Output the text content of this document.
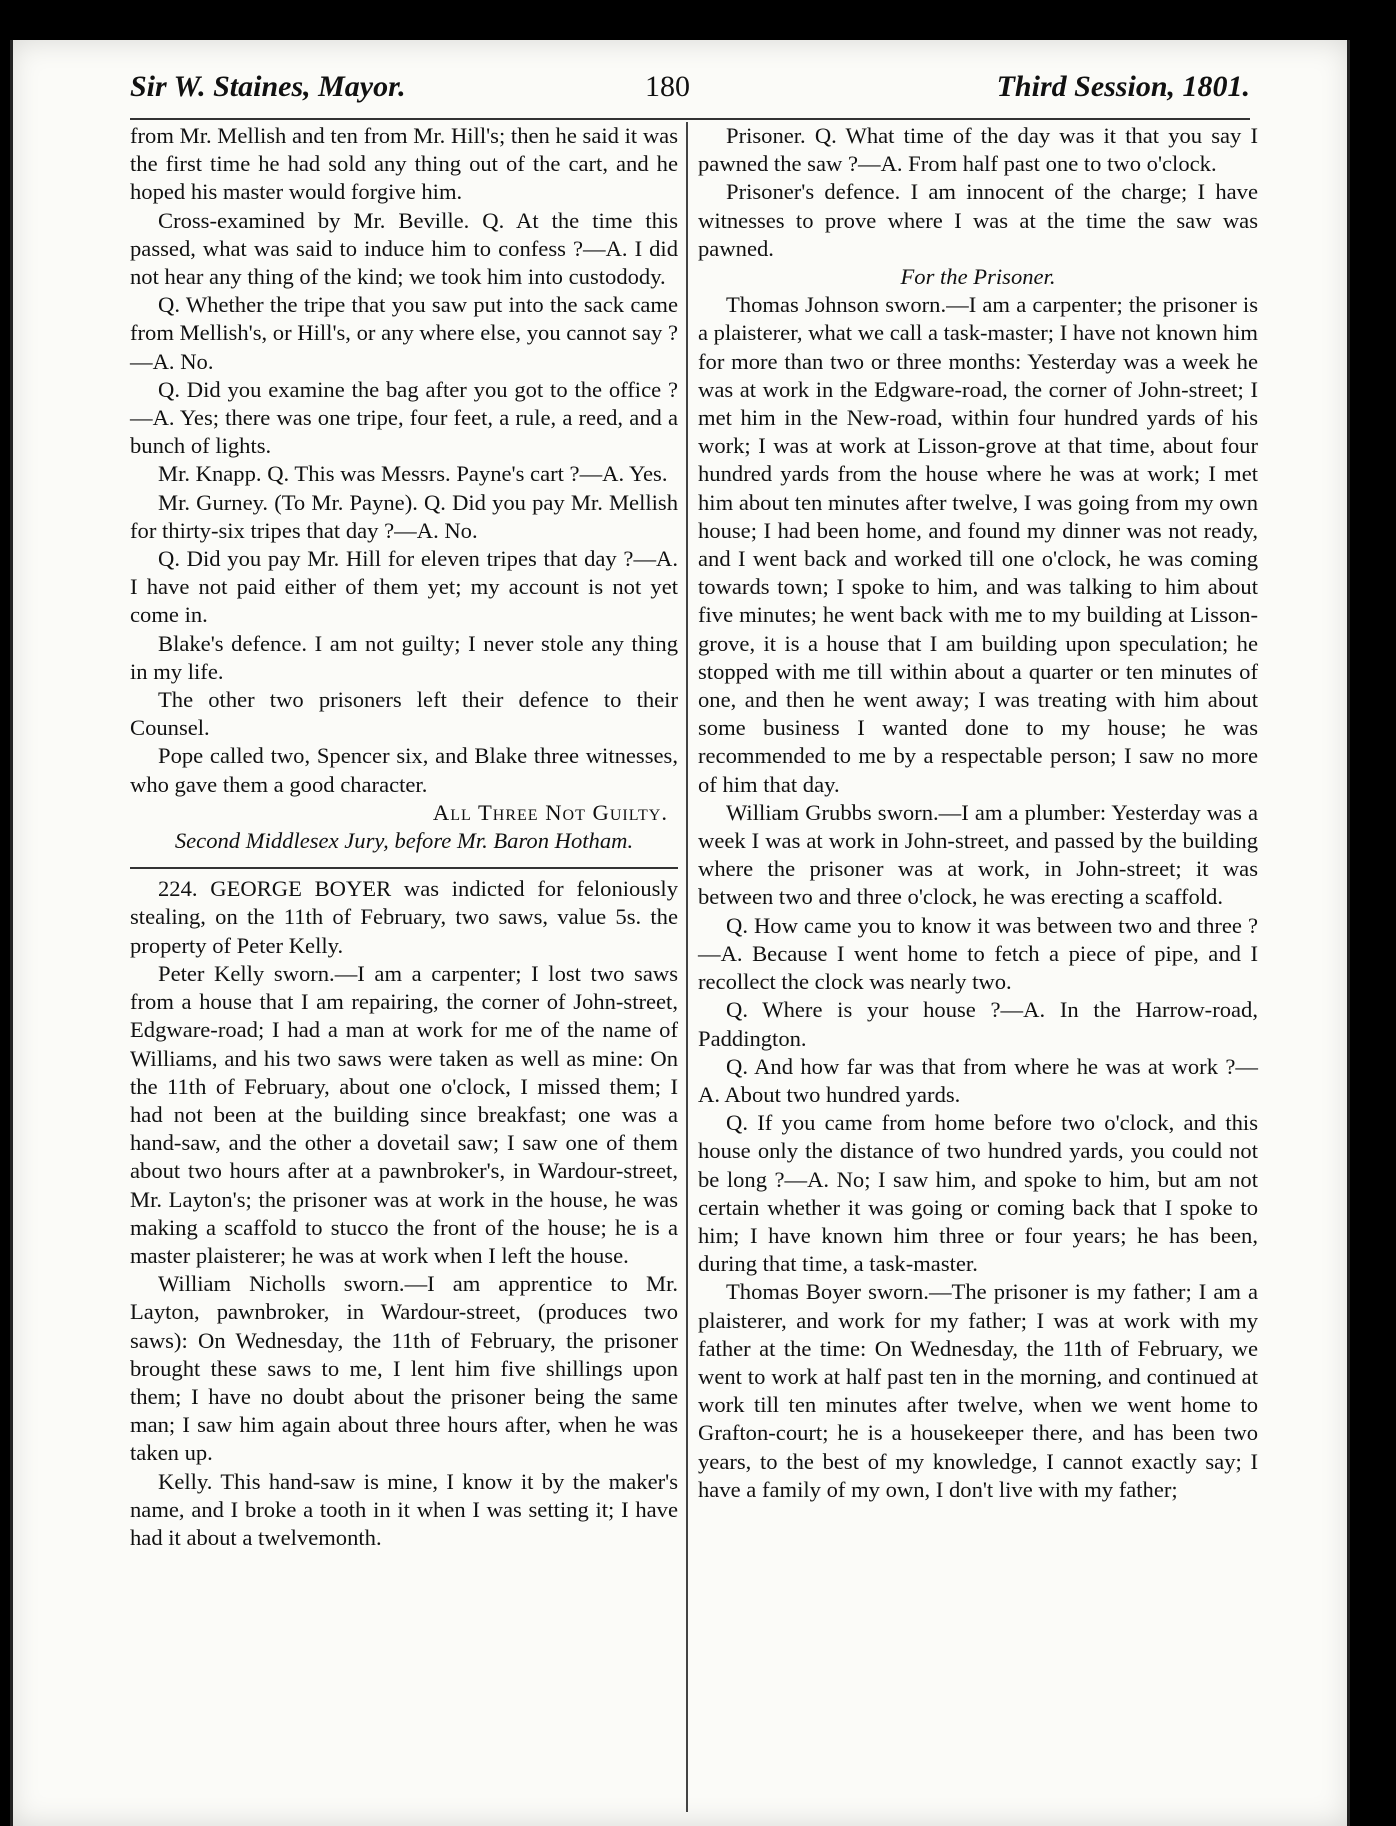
Sir W. Staines, Mayor.	180	Third Session, 1801.

from Mr. Mellish and ten from Mr. Hill's; then he said it was the first time he had sold any thing out of the cart, and he hoped his master would forgive him.

Cross-examined by Mr. Beville. Q. At the time this passed, what was said to induce him to confess ?—A. I did not hear any thing of the kind; we took him into custodody.

Q. Whether the tripe that you saw put into the sack came from Mellish's, or Hill's, or any where else, you cannot say ?—A. No.

Q. Did you examine the bag after you got to the office ?—A. Yes; there was one tripe, four feet, a rule, a reed, and a bunch of lights.

Mr. Knapp. Q. This was Messrs. Payne's cart ?—A. Yes.

Mr. Gurney. (To Mr. Payne). Q. Did you pay Mr. Mellish for thirty-six tripes that day ?—A. No.

Q. Did you pay Mr. Hill for eleven tripes that day ?—A. I have not paid either of them yet; my account is not yet come in.

Blake's defence. I am not guilty; I never stole any thing in my life.

The other two prisoners left their defence to their Counsel.

Pope called two, Spencer six, and Blake three witnesses, who gave them a good character.

All Three Not Guilty.

Second Middlesex Jury, before Mr. Baron Hotham.

224. GEORGE BOYER was indicted for feloniously stealing, on the 11th of February, two saws, value 5s. the property of Peter Kelly.

Peter Kelly sworn.—I am a carpenter; I lost two saws from a house that I am repairing, the corner of John-street, Edgware-road; I had a man at work for me of the name of Williams, and his two saws were taken as well as mine: On the 11th of February, about one o'clock, I missed them; I had not been at the building since breakfast; one was a hand-saw, and the other a dovetail saw; I saw one of them about two hours after at a pawnbroker's, in Wardour-street, Mr. Layton's; the prisoner was at work in the house, he was making a scaffold to stucco the front of the house; he is a master plaisterer; he was at work when I left the house.

William Nicholls sworn.—I am apprentice to Mr. Layton, pawnbroker, in Wardour-street, (produces two saws): On Wednesday, the 11th of February, the prisoner brought these saws to me, I lent him five shillings upon them; I have no doubt about the prisoner being the same man; I saw him again about three hours after, when he was taken up.

Kelly. This hand-saw is mine, I know it by the maker's name, and I broke a tooth in it when I was setting it; I have had it about a twelvemonth.

Prisoner. Q. What time of the day was it that you say I pawned the saw ?—A. From half past one to two o'clock.

Prisoner's defence. I am innocent of the charge; I have witnesses to prove where I was at the time the saw was pawned.

For the Prisoner.

Thomas Johnson sworn.—I am a carpenter; the prisoner is a plaisterer, what we call a task-master; I have not known him for more than two or three months: Yesterday was a week he was at work in the Edgware-road, the corner of John-street; I met him in the New-road, within four hundred yards of his work; I was at work at Lisson-grove at that time, about four hundred yards from the house where he was at work; I met him about ten minutes after twelve, I was going from my own house; I had been home, and found my dinner was not ready, and I went back and worked till one o'clock, he was coming towards town; I spoke to him, and was talking to him about five minutes; he went back with me to my building at Lisson-grove, it is a house that I am building upon speculation; he stopped with me till within about a quarter or ten minutes of one, and then he went away; I was treating with him about some business I wanted done to my house; he was recommended to me by a respectable person; I saw no more of him that day.

William Grubbs sworn.—I am a plumber: Yesterday was a week I was at work in John-street, and passed by the building where the prisoner was at work, in John-street; it was between two and three o'clock, he was erecting a scaffold.

Q. How came you to know it was between two and three ?—A. Because I went home to fetch a piece of pipe, and I recollect the clock was nearly two.

Q. Where is your house ?—A. In the Harrow-road, Paddington.

Q. And how far was that from where he was at work ?—A. About two hundred yards.

Q. If you came from home before two o'clock, and this house only the distance of two hundred yards, you could not be long ?—A. No; I saw him, and spoke to him, but am not certain whether it was going or coming back that I spoke to him; I have known him three or four years; he has been, during that time, a task-master.

Thomas Boyer sworn.—The prisoner is my father; I am a plaisterer, and work for my father; I was at work with my father at the time: On Wednesday, the 11th of February, we went to work at half past ten in the morning, and continued at work till ten minutes after twelve, when we went home to Grafton-court; he is a housekeeper there, and has been two years, to the best of my knowledge, I cannot exactly say; I have a family of my own, I don't live with my father;
